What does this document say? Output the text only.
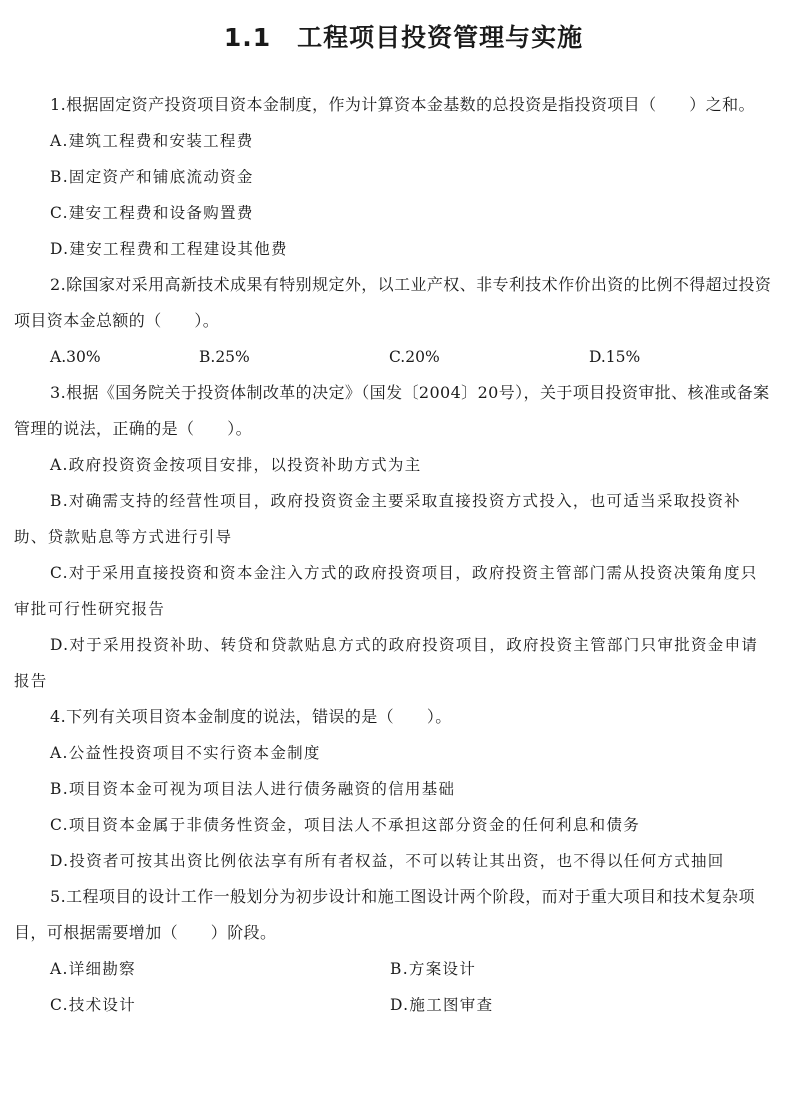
1.1 工程项目投资管理与实施

1.根据固定资产投资项目资本金制度，作为计算资本金基数的总投资是指投资项目（　　）之和。

A.建筑工程费和安装工程费

B.固定资产和铺底流动资金

C.建安工程费和设备购置费

D.建安工程费和工程建设其他费

2.除国家对采用高新技术成果有特别规定外，以工业产权、非专利技术作价出资的比例不得超过投资项目资本金总额的（　　）。

A.30%	B.25%	C.20%	D.15%

3.根据《国务院关于投资体制改革的决定》（国发〔2004〕20号），关于项目投资审批、核准或备案管理的说法，正确的是（　　）。

A.政府投资资金按项目安排，以投资补助方式为主

B.对确需支持的经营性项目，政府投资资金主要采取直接投资方式投入，也可适当采取投资补助、贷款贴息等方式进行引导

C.对于采用直接投资和资本金注入方式的政府投资项目，政府投资主管部门需从投资决策角度只审批可行性研究报告

D.对于采用投资补助、转贷和贷款贴息方式的政府投资项目，政府投资主管部门只审批资金申请报告

4.下列有关项目资本金制度的说法，错误的是（　　）。

A.公益性投资项目不实行资本金制度

B.项目资本金可视为项目法人进行债务融资的信用基础

C.项目资本金属于非债务性资金，项目法人不承担这部分资金的任何利息和债务

D.投资者可按其出资比例依法享有所有者权益，不可以转让其出资，也不得以任何方式抽回

5.工程项目的设计工作一般划分为初步设计和施工图设计两个阶段，而对于重大项目和技术复杂项目，可根据需要增加（　　）阶段。

A.详细勘察	B.方案设计
C.技术设计	D.施工图审查
